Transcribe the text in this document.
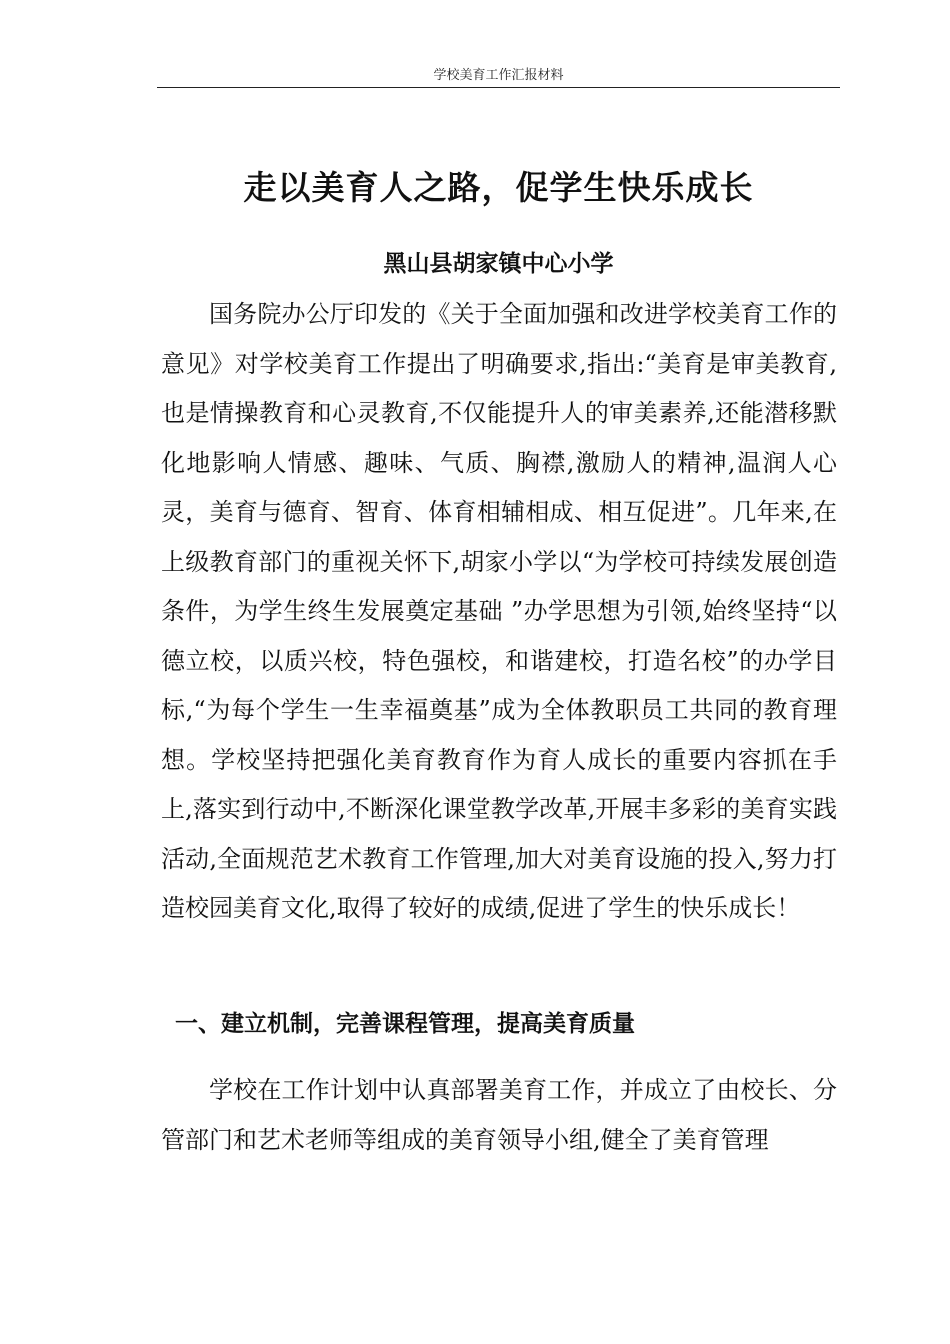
学校美育工作汇报材料
走以美育人之路，促学生快乐成长
黑山县胡家镇中心小学

国务院办公厅印发的《关于全面加强和改进学校美育工作的意见》对学校美育工作提出了明确要求,指出:“美育是审美教育,也是情操教育和心灵教育,不仅能提升人的审美素养,还能潜移默化地影响人情感、趣味、气质、胸襟,激励人的精神,温润人心灵，美育与德育、智育、体育相辅相成、相互促进”。几年来,在上级教育部门的重视关怀下,胡家小学以“为学校可持续发展创造条件，为学生终生发展奠定基础 ”办学思想为引领,始终坚持“以德立校，以质兴校，特色强校，和谐建校，打造名校”的办学目标,“为每个学生一生幸福奠基”成为全体教职员工共同的教育理想。学校坚持把强化美育教育作为育人成长的重要内容抓在手上,落实到行动中,不断深化课堂教学改革,开展丰多彩的美育实践活动,全面规范艺术教育工作管理,加大对美育设施的投入,努力打造校园美育文化,取得了较好的成绩,促进了学生的快乐成长！

一、建立机制，完善课程管理，提高美育质量

学校在工作计划中认真部署美育工作，并成立了由校长、分管部门和艺术老师等组成的美育领导小组,健全了美育管理
